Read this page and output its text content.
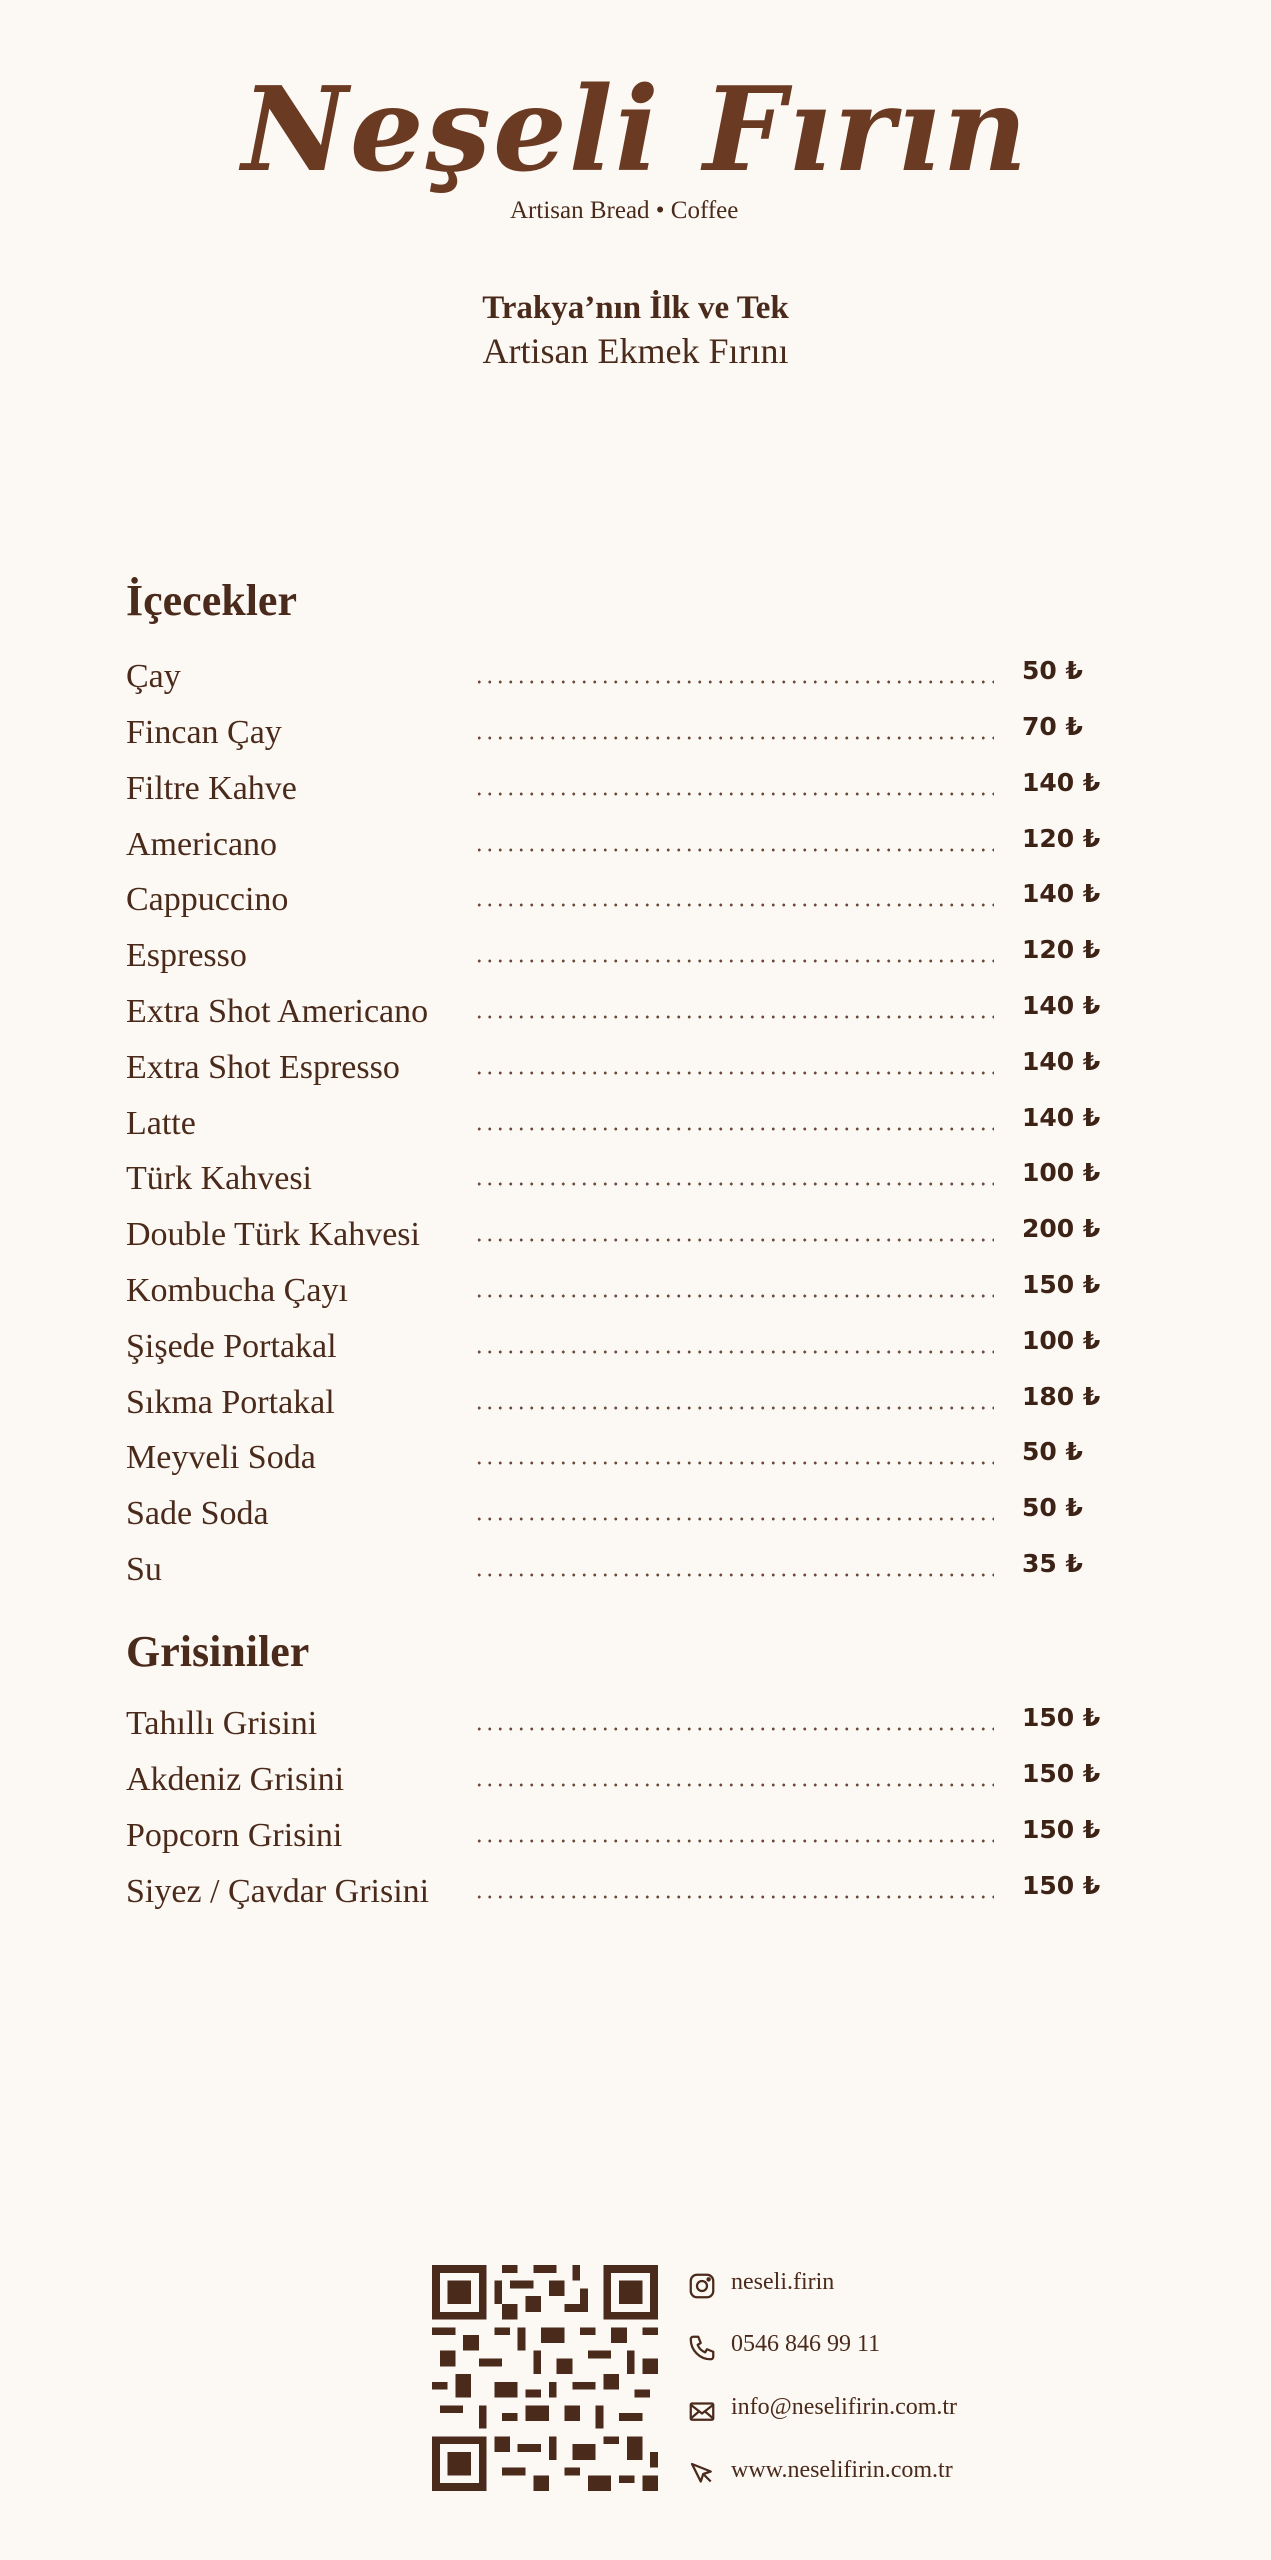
Neşeli Fırın
Artisan Bread • Coffee
Trakya’nın İlk ve Tek
Artisan Ekmek Fırını
İçecekler
Çay	50 ₺
Fincan Çay	70 ₺
Filtre Kahve	140 ₺
Americano	120 ₺
Cappuccino	140 ₺
Espresso	120 ₺
Extra Shot Americano	140 ₺
Extra Shot Espresso	140 ₺
Latte	140 ₺
Türk Kahvesi	100 ₺
Double Türk Kahvesi	200 ₺
Kombucha Çayı	150 ₺
Şişede Portakal	100 ₺
Sıkma Portakal	180 ₺
Meyveli Soda	50 ₺
Sade Soda	50 ₺
Su	35 ₺
Grisiniler
Tahıllı Grisini	150 ₺
Akdeniz Grisini	150 ₺
Popcorn Grisini	150 ₺
Siyez / Çavdar Grisini	150 ₺
neseli.firin
0546 846 99 11
info@neselifirin.com.tr
www.neselifirin.com.tr
